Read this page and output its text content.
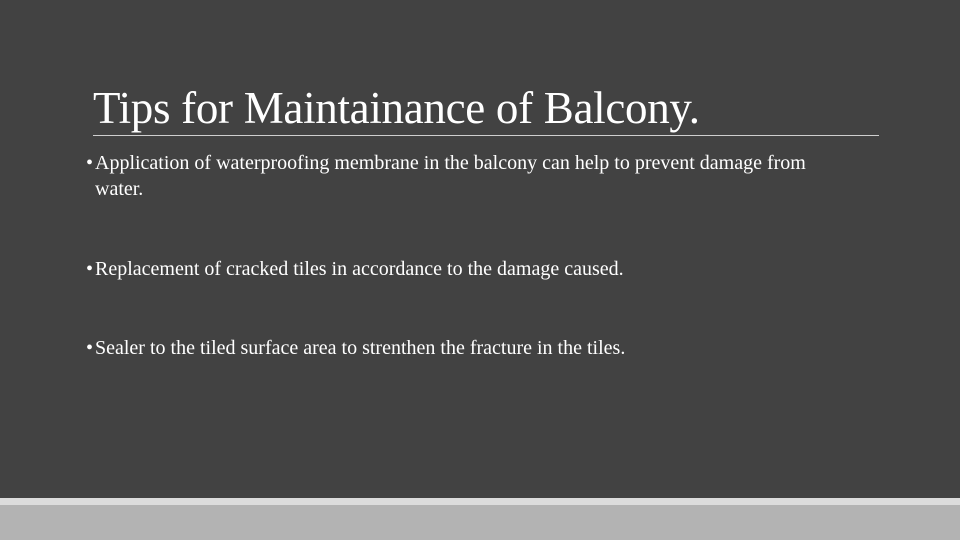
Tips for Maintainance of Balcony.
•Application of waterproofing membrane in the balcony can help to prevent damage from water.
•Replacement of cracked tiles in accordance to the damage caused.
•Sealer to the tiled surface area to strenthen the fracture in the tiles.
